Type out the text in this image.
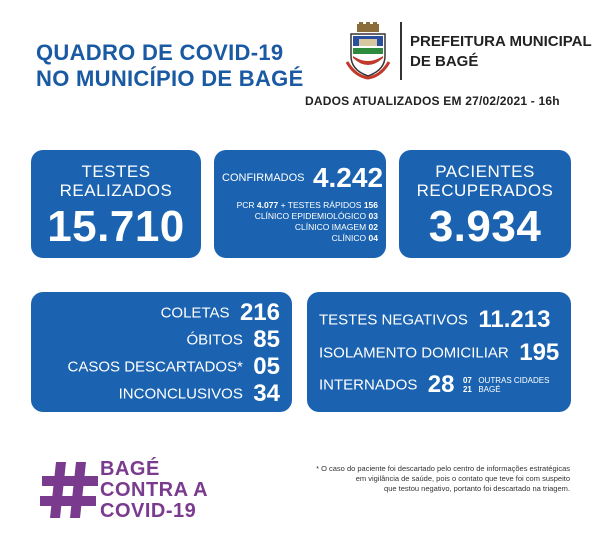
QUADRO DE COVID-19
NO MUNICÍPIO DE BAGÉ
PREFEITURA MUNICIPAL
DE BAGÉ
DADOS ATUALIZADOS EM 27/02/2021 - 16h
TESTES
REALIZADOS
15.710
CONFIRMADOS 4.242
PCR 4.077 + TESTES RÁPIDOS 156
CLÍNICO EPIDEMIOLÓGICO 03
CLÍNICO IMAGEM 02
CLÍNICO 04
PACIENTES
RECUPERADOS
3.934
COLETAS 216
ÓBITOS 85
CASOS DESCARTADOS* 05
INCONCLUSIVOS 34
TESTES NEGATIVOS 11.213
ISOLAMENTO DOMICILIAR 195
INTERNADOS 28 07
21 OUTRAS CIDADES
BAGÉ
BAGÉ
CONTRA A
COVID-19
* O caso do paciente foi descartado pelo centro de informações estratégicas
em vigilância de saúde, pois o contato que teve foi com suspeito
que testou negativo, portanto foi descartado na triagem.
